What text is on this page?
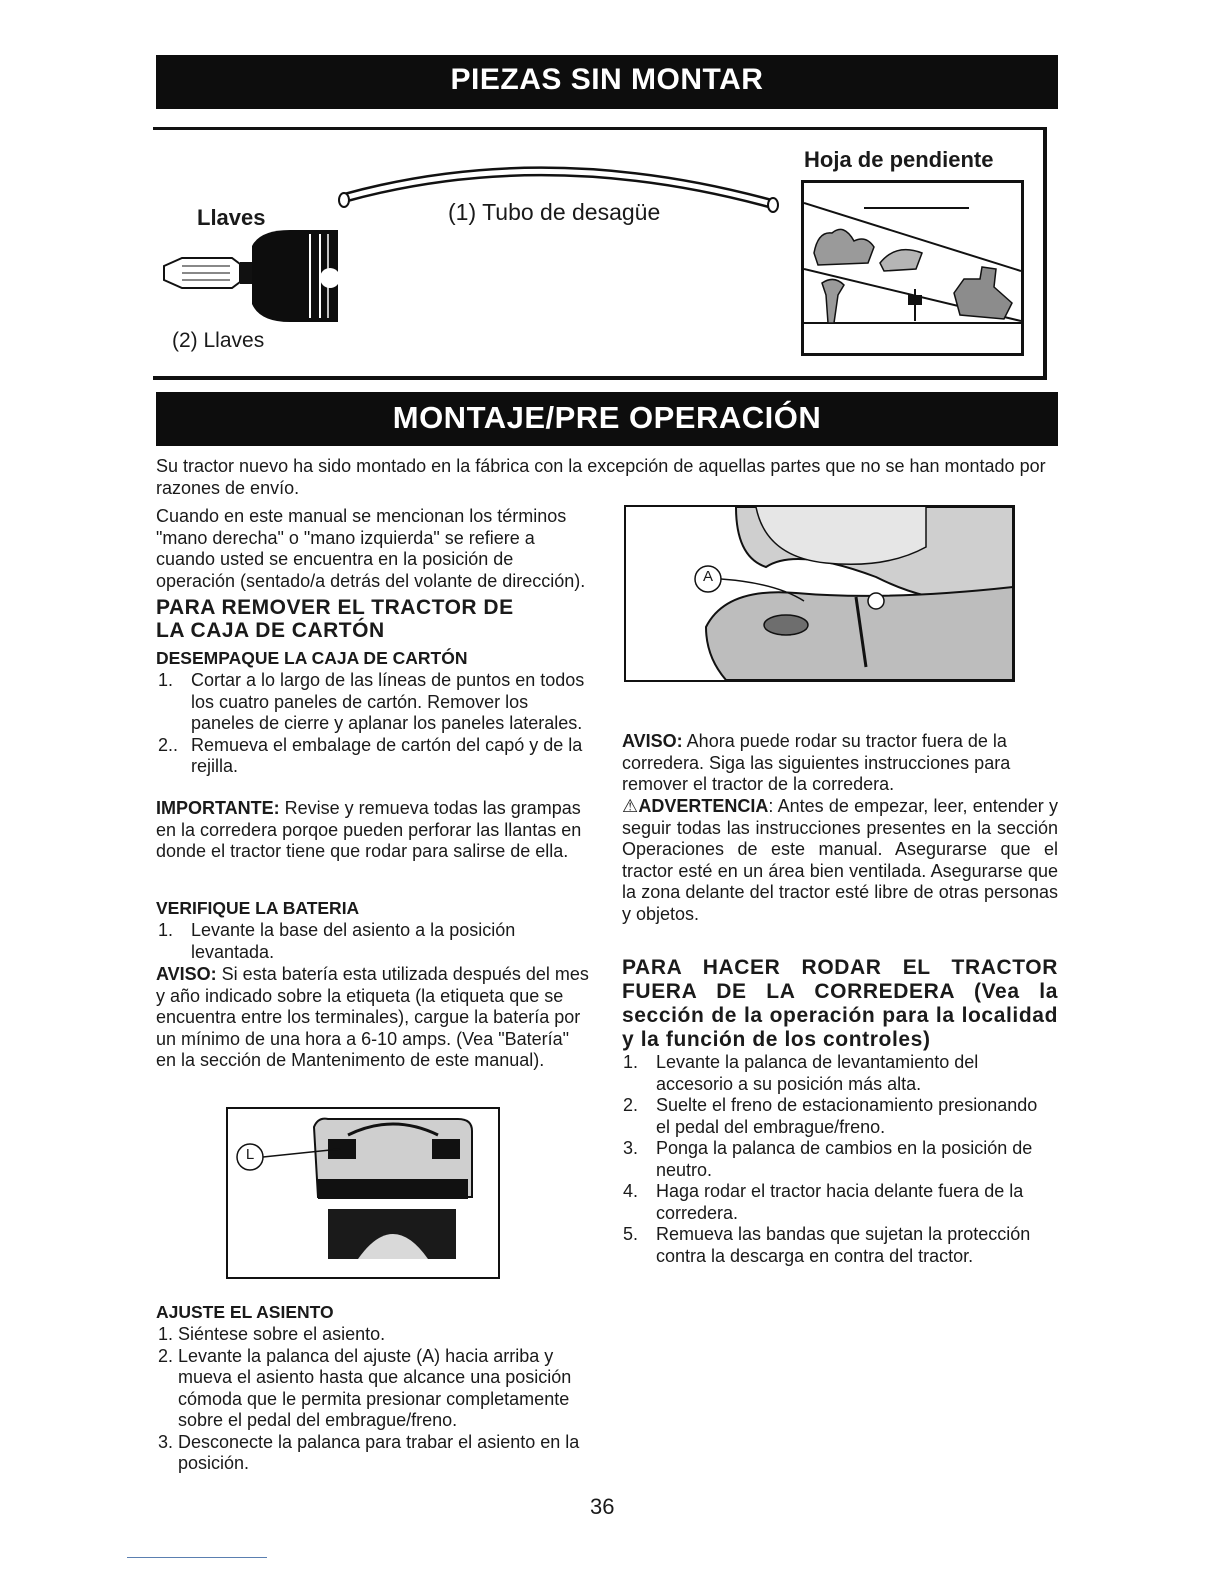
PIEZAS SIN MONTAR
Llaves
(2) Llaves
(1) Tubo de desagüe
Hoja de pendiente
MONTAJE/PRE OPERACIÓN

Su tractor nuevo ha sido montado en la fábrica con la excepción de aquellas partes que no se han montado por razones de envío.

Cuando en este manual se mencionan los términos "mano derecha" o "mano izquierda" se refiere a cuando usted se encuentra en la posición de operación (sentado/a detrás del volante de dirección).

PARA REMOVER EL TRACTOR DE
LA CAJA DE CARTÓN
DESEMPAQUE LA CAJA DE CARTÓN
1. Cortar a lo largo de las líneas de puntos en todos los cuatro paneles de cartón. Remover los paneles de cierre y aplanar los paneles laterales.
2.. Remueva el embalage de cartón del capó y de la rejilla.

IMPORTANTE: Revise y remueva todas las grampas en la corredera porqoe pueden perforar las llantas en donde el tractor tiene que rodar para salirse de ella.

VERIFIQUE LA BATERIA
1. Levante la base del asiento a la posición levantada.

AVISO: Si esta batería esta utilizada después del mes y año indicado sobre la etiqueta (la etiqueta que se encuentra entre los terminales), cargue la batería por un mínimo de una hora a 6-10 amps. (Vea "Batería" en la sección de Mantenimento de este manual).

L
AJUSTE EL ASIENTO
1. Siéntese sobre el asiento.
2. Levante la palanca del ajuste (A) hacia arriba y mueva el asiento hasta que alcance una posición cómoda que le permita presionar completamente sobre el pedal del embrague/freno.
3. Desconecte la palanca para trabar el asiento en la posición.
A

AVISO: Ahora puede rodar su tractor fuera de la corredera. Siga las siguientes instrucciones para remover el tractor de la corredera.

⚠ADVERTENCIA: Antes de empezar, leer, entender y seguir todas las instrucciones presentes en la sección Operaciones de este manual. Asegurarse que el tractor esté en un área bien ventilada. Asegurarse que la zona delante del tractor esté libre de otras personas y objetos.

PARA HACER RODAR EL TRACTOR FUERA DE LA CORREDERA (Vea la sección de la operación para la localidad y la función de los controles)
1. Levante la palanca de levantamiento del accesorio a su posición más alta.
2. Suelte el freno de estacionamiento presionando el pedal del embrague/freno.
3. Ponga la palanca de cambios en la posición de neutro.
4. Haga rodar el tractor hacia delante fuera de la corredera.
5. Remueva las bandas que sujetan la protección contra la descarga en contra del tractor.
36
